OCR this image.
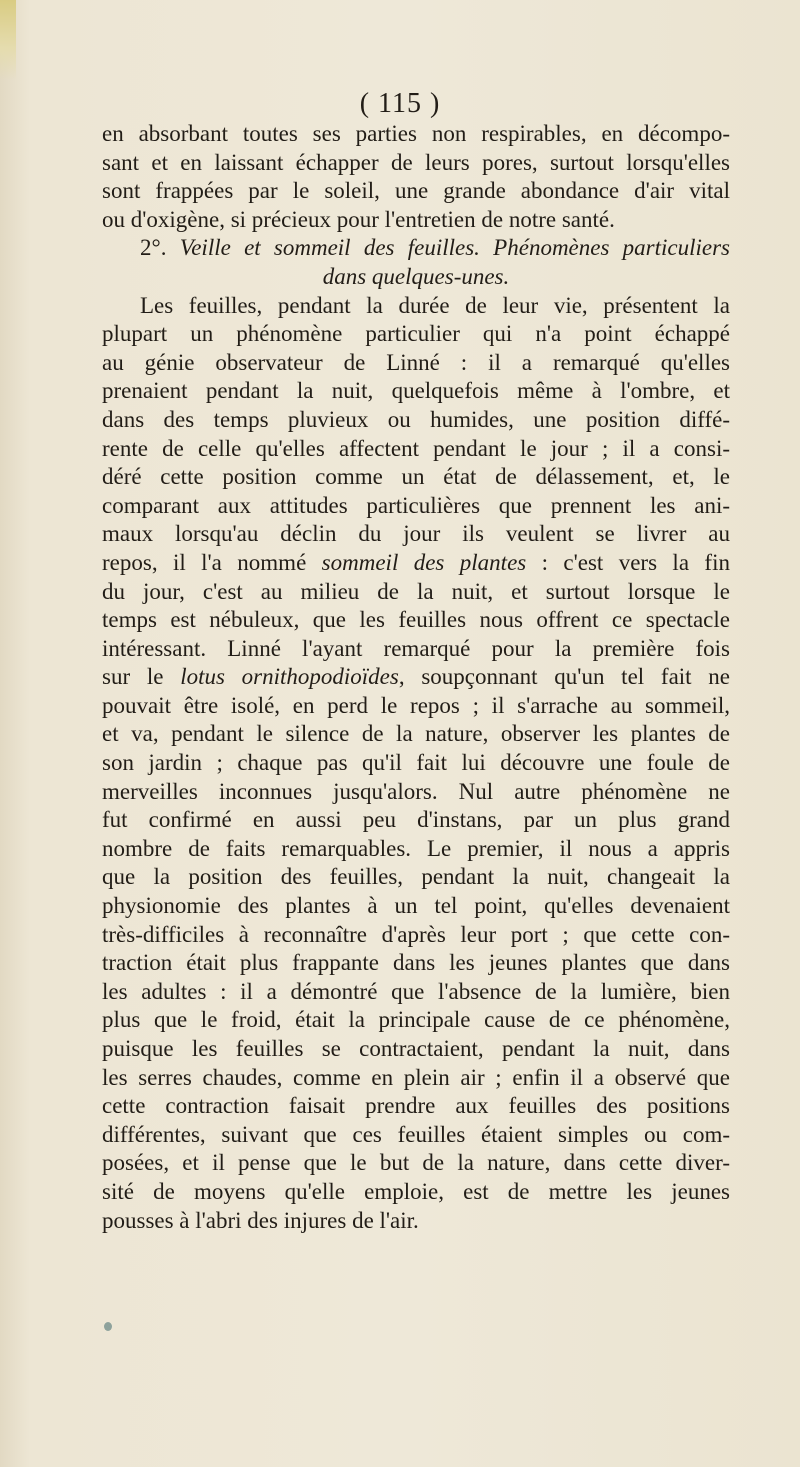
( 115 )

en absorbant toutes ses parties non respirables, en décompo-
sant et en laissant échapper de leurs pores, surtout lorsqu'elles
sont frappées par le soleil, une grande abondance d'air vital
ou d'oxigène, si précieux pour l'entretien de notre santé.

2°. Veille et sommeil des feuilles. Phénomènes particuliers
dans quelques-unes.

Les feuilles, pendant la durée de leur vie, présentent la
plupart un phénomène particulier qui n'a point échappé
au génie observateur de Linné : il a remarqué qu'elles
prenaient pendant la nuit, quelquefois même à l'ombre, et
dans des temps pluvieux ou humides, une position diffé-
rente de celle qu'elles affectent pendant le jour ; il a consi-
déré cette position comme un état de délassement, et, le
comparant aux attitudes particulières que prennent les ani-
maux lorsqu'au déclin du jour ils veulent se livrer au
repos, il l'a nommé sommeil des plantes : c'est vers la fin
du jour, c'est au milieu de la nuit, et surtout lorsque le
temps est nébuleux, que les feuilles nous offrent ce spectacle
intéressant. Linné l'ayant remarqué pour la première fois
sur le lotus ornithopodioïdes, soupçonnant qu'un tel fait ne
pouvait être isolé, en perd le repos ; il s'arrache au sommeil,
et va, pendant le silence de la nature, observer les plantes de
son jardin ; chaque pas qu'il fait lui découvre une foule de
merveilles inconnues jusqu'alors. Nul autre phénomène ne
fut confirmé en aussi peu d'instans, par un plus grand
nombre de faits remarquables. Le premier, il nous a appris
que la position des feuilles, pendant la nuit, changeait la
physionomie des plantes à un tel point, qu'elles devenaient
très-difficiles à reconnaître d'après leur port ; que cette con-
traction était plus frappante dans les jeunes plantes que dans
les adultes : il a démontré que l'absence de la lumière, bien
plus que le froid, était la principale cause de ce phénomène,
puisque les feuilles se contractaient, pendant la nuit, dans
les serres chaudes, comme en plein air ; enfin il a observé que
cette contraction faisait prendre aux feuilles des positions
différentes, suivant que ces feuilles étaient simples ou com-
posées, et il pense que le but de la nature, dans cette diver-
sité de moyens qu'elle emploie, est de mettre les jeunes
pousses à l'abri des injures de l'air.
